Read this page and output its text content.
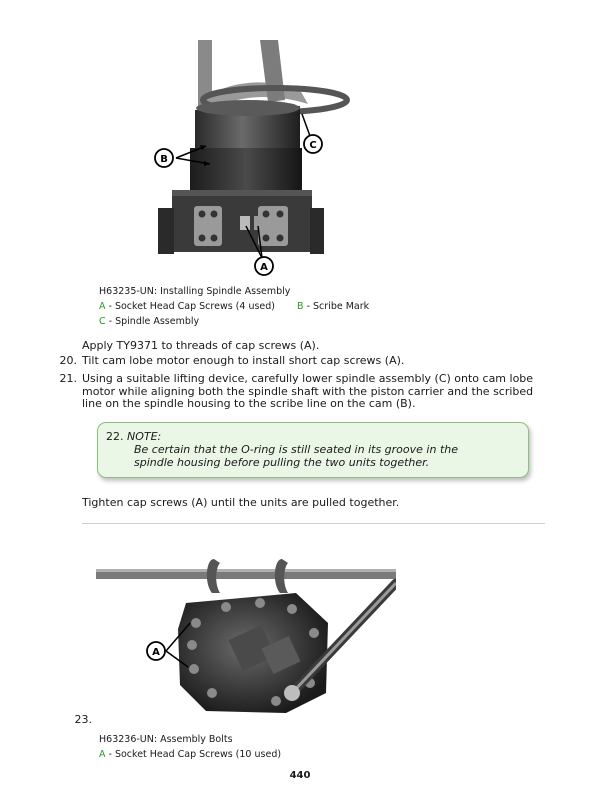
B
C
A
H63235-UN: Installing Spindle Assembly
A - Socket Head Cap Screws (4 used) B - Scribe Mark
C - Spindle Assembly
Apply TY9371 to threads of cap screws (A).
20. Tilt cam lobe motor enough to install short cap screws (A).
21. Using a suitable lifting device, carefully lower spindle assembly (C) onto cam lobe
motor while aligning both the spindle shaft with the piston carrier and the scribed
line on the spindle housing to the scribe line on the cam (B).
22. NOTE:
Be certain that the O-ring is still seated in its groove in the
spindle housing before pulling the two units together.
Tighten cap screws (A) until the units are pulled together.
A
23.
H63236-UN: Assembly Bolts
A - Socket Head Cap Screws (10 used)
440
